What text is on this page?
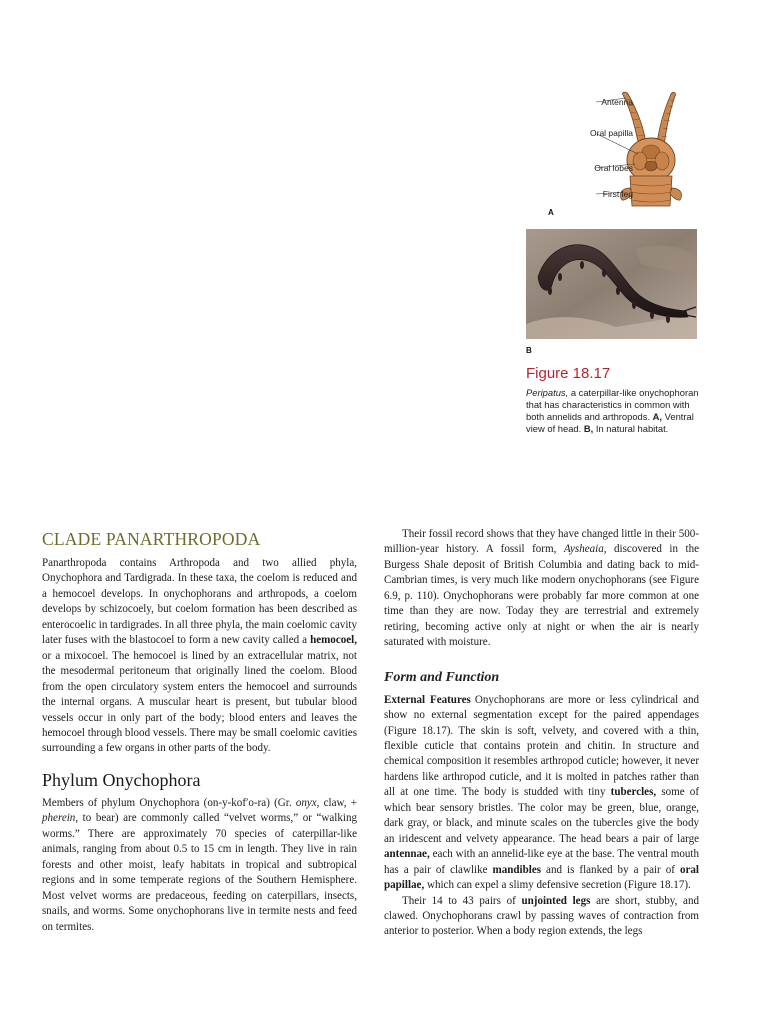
Antenna
Oral papilla
Oral lobes
First leg
A
B
Figure 18.17
Peripatus, a caterpillar-like onychophoran that has characteristics in common with both annelids and arthropods. A, Ventral view of head. B, In natural habitat.
CLADE PANARTHROPODA

Panarthropoda contains Arthropoda and two allied phyla, Onychophora and Tardigrada. In these taxa, the coelom is reduced and a hemocoel develops. In onychophorans and arthropods, a coelom develops by schizocoely, but coelom formation has been described as enterocoelic in tardigrades. In all three phyla, the main coelomic cavity later fuses with the blastocoel to form a new cavity called a hemocoel, or a mixocoel. The hemocoel is lined by an extracellular matrix, not the mesodermal peritoneum that originally lined the coelom. Blood from the open circulatory system enters the hemocoel and surrounds the internal organs. A muscular heart is present, but tubular blood vessels occur in only part of the body; blood enters and leaves the hemocoel through blood vessels. There may be small coelomic cavities surrounding a few organs in other parts of the body.

Phylum Onychophora

Members of phylum Onychophora (on-y-kof′o-ra) (Gr. onyx, claw, + pherein, to bear) are commonly called “velvet worms,” or “walking worms.” There are approximately 70 species of caterpillar-like animals, ranging from about 0.5 to 15 cm in length. They live in rain forests and other moist, leafy habitats in tropical and subtropical regions and in some temperate regions of the Southern Hemisphere. Most velvet worms are predaceous, feeding on caterpillars, insects, snails, and worms. Some onychophorans live in termite nests and feed on termites.

Their fossil record shows that they have changed little in their 500-million-year history. A fossil form, Aysheaia, discovered in the Burgess Shale deposit of British Columbia and dating back to mid-Cambrian times, is very much like modern onychophorans (see Figure 6.9, p. 110). Onychophorans were probably far more common at one time than they are now. Today they are terrestrial and extremely retiring, becoming active only at night or when the air is nearly saturated with moisture.

Form and Function

External Features Onychophorans are more or less cylindrical and show no external segmentation except for the paired appendages (Figure 18.17). The skin is soft, velvety, and covered with a thin, flexible cuticle that contains protein and chitin. In structure and chemical composition it resembles arthropod cuticle; however, it never hardens like arthropod cuticle, and it is molted in patches rather than all at one time. The body is studded with tiny tubercles, some of which bear sensory bristles. The color may be green, blue, orange, dark gray, or black, and minute scales on the tubercles give the body an iridescent and velvety appearance. The head bears a pair of large antennae, each with an annelid-like eye at the base. The ventral mouth has a pair of clawlike mandibles and is flanked by a pair of oral papillae, which can expel a slimy defensive secretion (Figure 18.17).

Their 14 to 43 pairs of unjointed legs are short, stubby, and clawed. Onychophorans crawl by passing waves of contraction from anterior to posterior. When a body region extends, the legs
